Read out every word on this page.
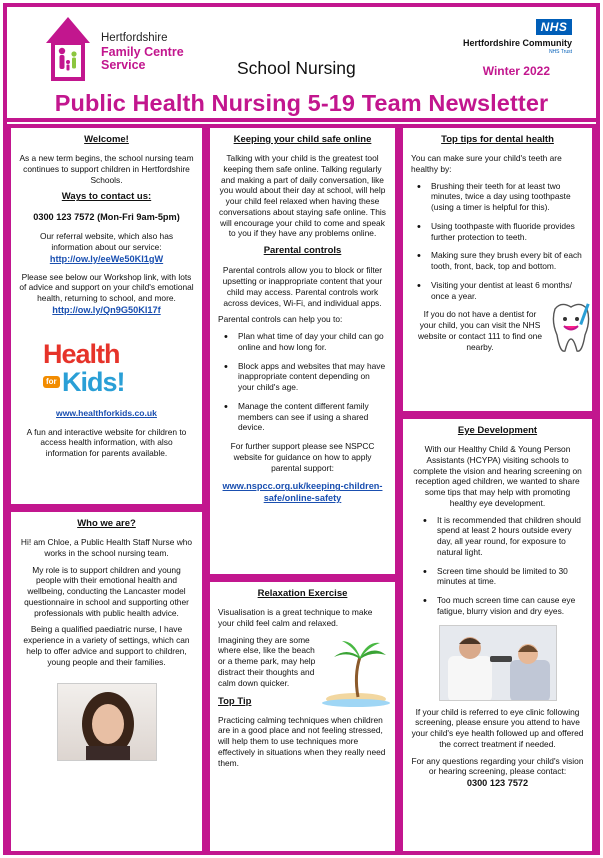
Hertfordshire
Family Centre
Service	School Nursing
NHS
Hertfordshire Community
NHS Trust
Winter 2022
Public Health Nursing 5-19 Team Newsletter
Welcome!

As a new term begins, the school nursing team continues to support children in Hertfordshire Schools.

Ways to contact us:
0300 123 7572 (Mon-Fri 9am-5pm)

Our referral website, which also has information about our service:

http://ow.ly/eeWe50KI1gW

Please see below our Workshop link, with lots of advice and support on your child's emotional health, returning to school, and more.

http://ow.ly/Qn9G50KI17f

Health
for Kids!

www.healthforkids.co.uk

A fun and interactive website for children to access health information, with also information for parents available.

Who we are?

Hi! am Chloe, a Public Health Staff Nurse who works in the school nursing team.

My role is to support children and young people with their emotional health and wellbeing, conducting the Lancaster model questionnaire in school and supporting other professionals with public health advice.

Being a qualified paediatric nurse, I have experience in a variety of settings, which can help to offer advice and support to children, young people and their families.

Keeping your child safe online

Talking with your child is the greatest tool keeping them safe online. Talking regularly and making a part of daily conversation, like you would about their day at school, will help your child feel relaxed when having these conversations about staying safe online. This will encourage your child to come and speak to you if they have any problems online.

Parental controls

Parental controls allow you to block or filter upsetting or inappropriate content that your child may access. Parental controls work across devices, Wi-Fi, and individual apps.

Parental controls can help you to:

• Plan what time of day your child can go online and how long for.
• Block apps and websites that may have inappropriate content depending on your child's age.
• Manage the content different family members can see if using a shared device.

For further support please see NSPCC website for guidance on how to apply parental support:

www.nspcc.org.uk/keeping-children-safe/online-safety

Relaxation Exercise

Visualisation is a great technique to make your child feel calm and relaxed.

Imagining they are some where else, like the beach or a theme park, may help distract their thoughts and calm down quicker.

Top Tip

Practicing calming techniques when children are in a good place and not feeling stressed, will help them to use techniques more effectively in situations when they really need them.

Top tips for dental health

You can make sure your child's teeth are healthy by:

• Brushing their teeth for at least two minutes, twice a day using toothpaste (using a timer is helpful for this).
• Using toothpaste with fluoride provides further protection to teeth.
• Making sure they brush every bit of each tooth, front, back, top and bottom.
• Visiting your dentist at least 6 months/ once a year.

If you do not have a dentist for your child, you can visit the NHS website or contact 111 to find one nearby.

Eye Development

With our Healthy Child & Young Person Assistants (HCYPA) visiting schools to complete the vision and hearing screening on reception aged children, we wanted to share some tips that may help with promoting healthy eye development.

• It is recommended that children should spend at least 2 hours outside every day, all year round, for exposure to natural light.
• Screen time should be limited to 30 minutes at time.
• Too much screen time can cause eye fatigue, blurry vision and dry eyes.

If your child is referred to eye clinic following screening, please ensure you attend to have your child's eye health followed up and offered the correct treatment if needed.

For any questions regarding your child's vision or hearing screening, please contact:

0300 123 7572
